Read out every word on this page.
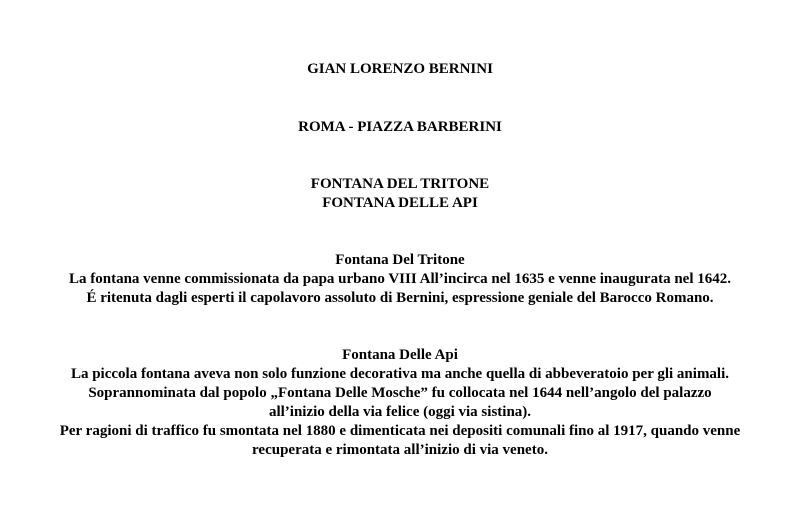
GIAN LORENZO BERNINI
ROMA - PIAZZA BARBERINI
FONTANA DEL TRITONE
FONTANA DELLE API
Fontana Del Tritone
La fontana venne commissionata da papa urbano VIII All’incirca nel 1635 e venne inaugurata nel 1642.
É ritenuta dagli esperti il capolavoro assoluto di Bernini, espressione geniale del Barocco Romano.
Fontana Delle Api
La piccola fontana aveva non solo funzione decorativa ma anche quella di abbeveratoio per gli animali.
Soprannominata dal popolo „Fontana Delle Mosche” fu collocata nel 1644 nell’angolo del palazzo
all’inizio della via felice (oggi via sistina).
Per ragioni di traffico fu smontata nel 1880 e dimenticata nei depositi comunali fino al 1917, quando venne
recuperata e rimontata all’inizio di via veneto.
